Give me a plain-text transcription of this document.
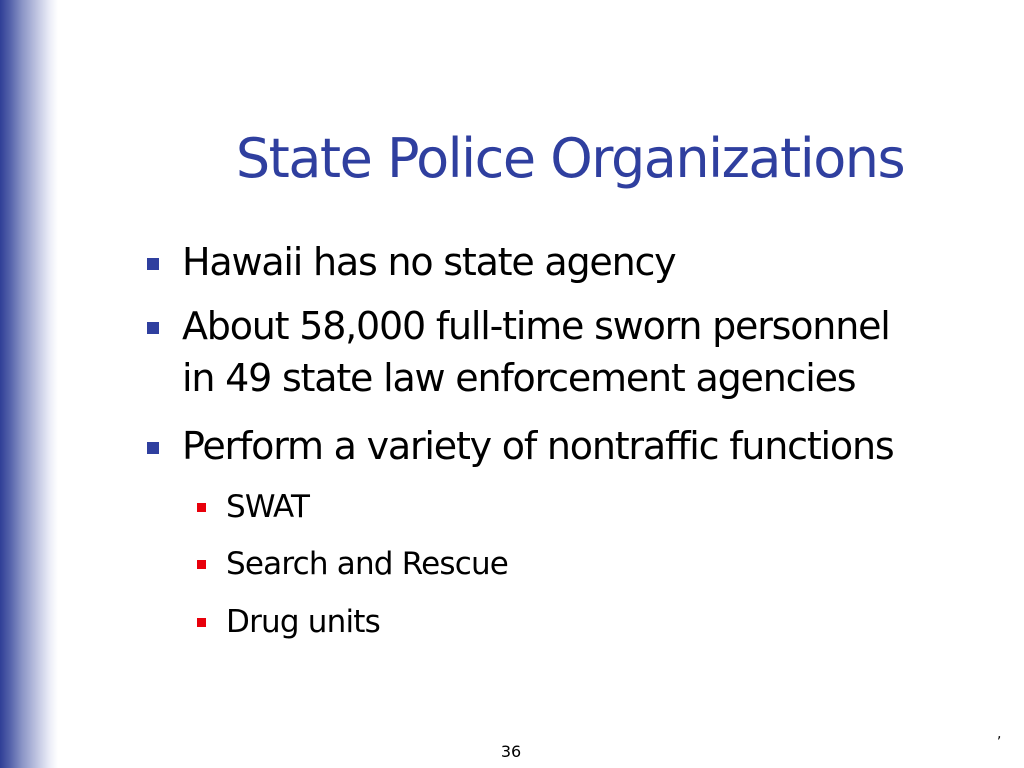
State Police Organizations
Hawaii has no state agency
About 58,000 full-time sworn personnel
in 49 state law enforcement agencies
Perform a variety of nontraffic functions
SWAT
Search and Rescue
Drug units
,
36
